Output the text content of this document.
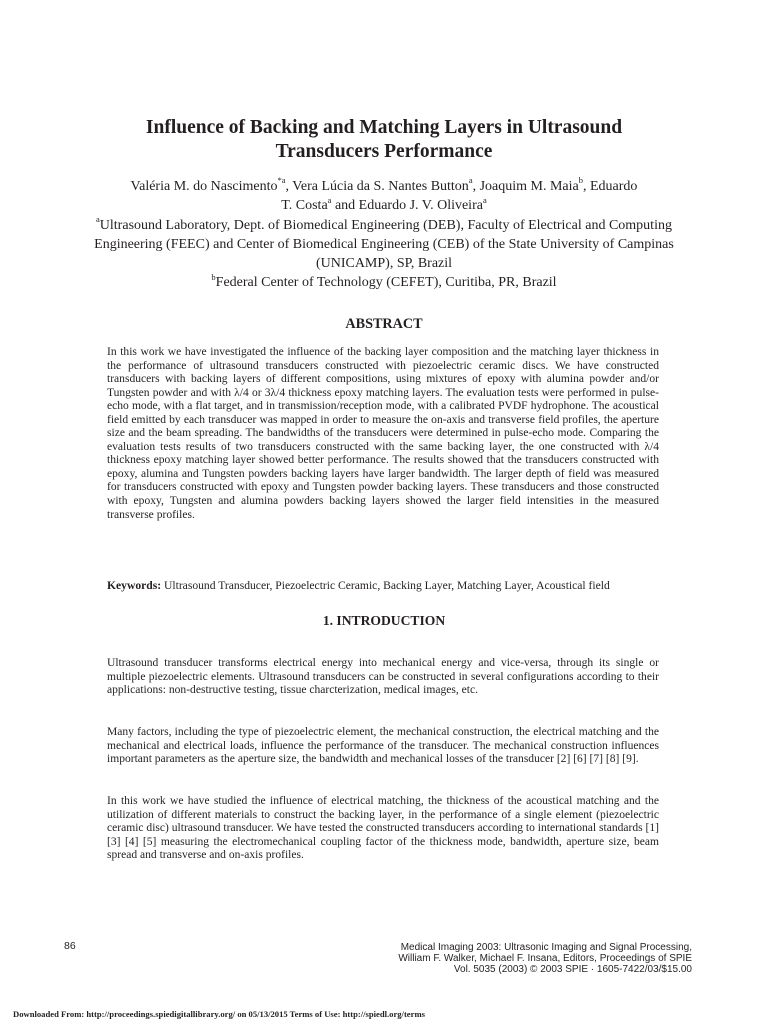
Influence of Backing and Matching Layers in Ultrasound
Transducers Performance
Valéria M. do Nascimento$^{*a}$, Vera Lúcia da S. Nantes Button$^a$, Joaquim M. Maia$^b$, Eduardo
T. Costa$^a$ and Eduardo J. V. Oliveira$^a$
$^a$Ultrasound Laboratory, Dept. of Biomedical Engineering (DEB), Faculty of Electrical and Computing Engineering (FEEC) and Center of Biomedical Engineering (CEB) of the State University of Campinas (UNICAMP), SP, Brazil
$^b$Federal Center of Technology (CEFET), Curitiba, PR, Brazil
ABSTRACT

In this work we have investigated the influence of the backing layer composition and the matching layer thickness in the performance of ultrasound transducers constructed with piezoelectric ceramic discs. We have constructed transducers with backing layers of different compositions, using mixtures of epoxy with alumina powder and/or Tungsten powder and with λ/4 or 3λ/4 thickness epoxy matching layers. The evaluation tests were performed in pulse-echo mode, with a flat target, and in transmission/reception mode, with a calibrated PVDF hydrophone. The acoustical field emitted by each transducer was mapped in order to measure the on-axis and transverse field profiles, the aperture size and the beam spreading. The bandwidths of the transducers were determined in pulse-echo mode. Comparing the evaluation tests results of two transducers constructed with the same backing layer, the one constructed with λ/4 thickness epoxy matching layer showed better performance. The results showed that the transducers constructed with epoxy, alumina and Tungsten powders backing layers have larger bandwidth. The larger depth of field was measured for transducers constructed with epoxy and Tungsten powder backing layers. These transducers and those constructed with epoxy, Tungsten and alumina powders backing layers showed the larger field intensities in the measured transverse profiles.

Keywords: Ultrasound Transducer, Piezoelectric Ceramic, Backing Layer, Matching Layer, Acoustical field

1. INTRODUCTION

Ultrasound transducer transforms electrical energy into mechanical energy and vice-versa, through its single or multiple piezoelectric elements. Ultrasound transducers can be constructed in several configurations according to their applications: non-destructive testing, tissue charcterization, medical images, etc.

Many factors, including the type of piezoelectric element, the mechanical construction, the electrical matching and the mechanical and electrical loads, influence the performance of the transducer. The mechanical construction influences important parameters as the aperture size, the bandwidth and mechanical losses of the transducer [2] [6] [7] [8] [9].

In this work we have studied the influence of electrical matching, the thickness of the acoustical matching and the utilization of different materials to construct the backing layer, in the performance of a single element (piezoelectric ceramic disc) ultrasound transducer. We have tested the constructed transducers according to international standards [1] [3] [4] [5] measuring the electromechanical coupling factor of the thickness mode, bandwidth, aperture size, beam spread and transverse and on-axis profiles.

86	Medical Imaging 2003: Ultrasonic Imaging and Signal Processing,
William F. Walker, Michael F. Insana, Editors, Proceedings of SPIE
Vol. 5035 (2003) © 2003 SPIE · 1605-7422/03/$15.00
Downloaded From: http://proceedings.spiedigitallibrary.org/ on 05/13/2015 Terms of Use: http://spiedl.org/terms
